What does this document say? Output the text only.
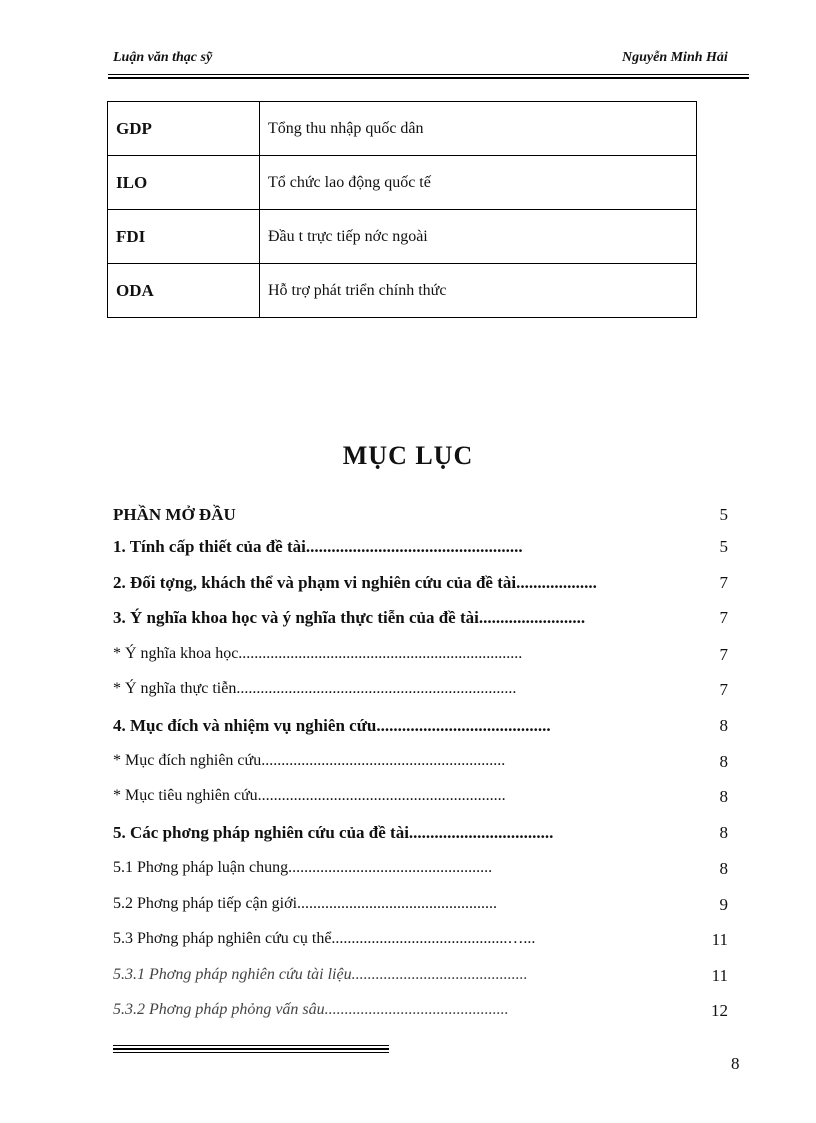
Luận văn thạc sỹ	Nguyễn Minh Hải
GDP	Tổng thu nhập quốc dân
ILO	Tổ chức lao động quốc tế
FDI	Đầu t trực tiếp nớc ngoài
ODA	Hỗ trợ phát triển chính thức
MỤC LỤC
PHẦN MỞ ĐẦU	5
1. Tính cấp thiết của đề tài...................................................	5
2. Đối tợng, khách thể và phạm vi nghiên cứu của đề tài...................	7
3. Ý nghĩa khoa học và ý nghĩa thực tiễn của đề tài.........................	7
* Ý nghĩa khoa học.......................................................................	7
* Ý nghĩa thực tiễn......................................................................	7
4. Mục đích và nhiệm vụ nghiên cứu.........................................	8
* Mục đích nghiên cứu.............................................................	8
* Mục tiêu nghiên cứu..............................................................	8
5. Các phơng pháp nghiên cứu của đề tài..................................	8
5.1 Phơng pháp luận chung...................................................	8
5.2 Phơng pháp tiếp cận giới..................................................	9
5.3 Phơng pháp nghiên cứu cụ thể............................................…...	11
5.3.1 Phơng pháp nghiên cứu tài liệu............................................	11
5.3.2 Phơng pháp phỏng vấn sâu..............................................	12
8
